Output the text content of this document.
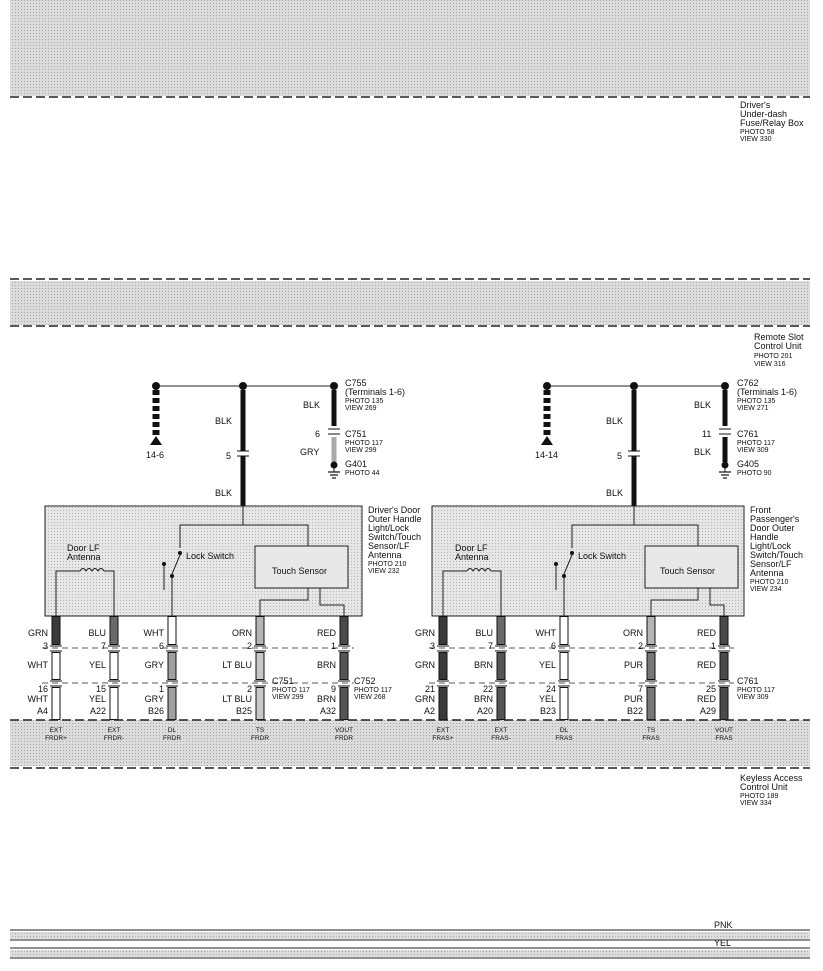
Driver's Under-dash Fuse/Relay Box PHOTO 58 VIEW 330
Remote Slot Control Unit PHOTO 201 VIEW 316
14-6
BLK
5
BLK
BLK
6
GRY
C755 (Terminals 1-6) PHOTO 135 VIEW 269
C751 PHOTO 117 VIEW 299
G401 PHOTO 44
Touch Sensor
Lock Switch
Door LF Antenna
Driver's Door Outer Handle Light/Lock Switch/Touch Sensor/LF Antenna PHOTO 210 VIEW 232
C751 PHOTO 117 VIEW 299
C752 PHOTO 117 VIEW 268
GRN
3
WHT
16
WHT
A4
BLU
7
YEL
15
YEL
A22
WHT
6
GRY
1
GRY
B26
ORN
2
LT BLU
2
LT BLU
B25
RED
1
BRN
9
BRN
A32
14-14
BLK
5
BLK
BLK
11
BLK
C762 (Terminals 1-6) PHOTO 135 VIEW 271
C761 PHOTO 117 VIEW 309
G405 PHOTO 90
Touch Sensor
Lock Switch
Door LF Antenna
Front Passenger's Door Outer Handle Light/Lock Switch/Touch Sensor/LF Antenna PHOTO 210 VIEW 234
C761 PHOTO 117 VIEW 309
GRN
3
GRN
21
GRN
A2
BLU
7
BRN
22
BRN
A20
WHT
6
YEL
24
YEL
B23
ORN
2
PUR
7
PUR
B22
RED
1
RED
25
RED
A29
EXT
FRDR+
EXT
FRDR-
DL
FRDR
TS
FRDR
VOUT
FRDR
EXT
FRAS+
EXT
FRAS-
DL
FRAS
TS
FRAS
VOUT
FRAS
Keyless Access Control Unit PHOTO 189 VIEW 334
PNK
YEL
